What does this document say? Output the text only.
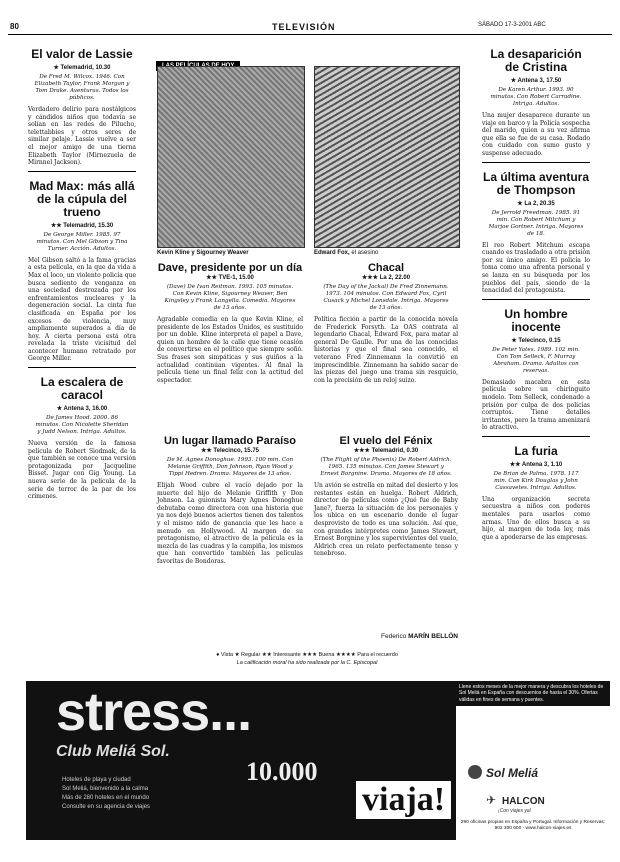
80	TELEVISIÓN	SÁBADO 17-3-2001 ABC
El valor de Lassie
★ Telemadrid, 10.30
De Fred M. Wilcox. 1946. Con Elizabeth Taylor, Frank Morgan y Tom Drake. Aventuras. Todos los públicos.
Verdadero delirio para nostálgicos y cándidos niños que todavía se solían en las redes de Pilucho, telettabbies y otros seres de similar pelaje. Lassie vuelve a ser el mejor amigo de una tierna Elizabeth Taylor (Mirnezuela de Mirnnel Jackson).
Mad Max: más allá de la cúpula del trueno
★★ Telemadrid, 15.30
De George Miller. 1985. 97 minutos. Con Mel Gibson y Tina Turner. Acción. Adultos.
Mel Gibson saltó a la fama gracias a esta película, en la que da vida a Max el loco, un violento policía que busca sediento de venganza en una sociedad destrozada por los enfrentamientos nucleares y la degeneración social. La cinta fue clasificada en España por los excesos de violencia, muy ampliamente superados a día de hoy. A cierta persona está otra revelada la triste vicisitud del acontecer humano retratado por George Miller.
La escalera de caracol
★ Antena 3, 16.00
De James Hood. 2000. 86 minutos. Con Nicolette Sheridan y Judd Nelson. Intriga. Adultos.
Nueva versión de la famosa película de Robert Siodmak, de la que también se conoce una versión protagonizada por Jacqueline Bisset. Jugar con Gig Young. La nueva serie de la película de la serie de terror de la par de los crímenes.
Kevin Kline y Sigourney Weaver
Dave, presidente por un día
★★ TVE-1, 15.00
(Dave) De Ivan Reitman. 1993. 105 minutos. Con Kevin Kline, Sigourney Weaver, Ben Kingsley y Frank Langella. Comedia. Mayores de 13 años.
Agradable comedia en la que Kevin Kline, el presidente de los Estados Unidos, es sustituido por un doble. Kline interpreta el papel a Dave, quien un hombre de la calle que tiene ocasión de convertirse en el político que siempre soñó. Sus frases son simpáticas y sus guiños a la actualidad continúan vigentes. Al final la película tiene un final feliz con la actitud del espectador.
Edward Fox, el asesino
Chacal
★★★ La 2, 22.00
(The Day of the Jackal) De Fred Zinnemann. 1973. 104 minutos. Con Edward Fox, Cyril Cusack y Michel Lonsdale. Intriga. Mayores de 13 años.
Política ficción a partir de la conocida novela de Frederick Forsyth. La OAS contrata al legendario Chacal, Edward Fox, para matar al general De Gaulle. Por una de las conocidas historias y que el final sea conocido, el veterano Fred Zinnemann la convirtió en imprescindible. Zinnemann ha sabido sacar de las piezas del juego una trama sin resquicio, con la precisión de un reloj suizo.
Un lugar llamado Paraíso
★★ Telecinco, 15.75
De M. Agnes Donoghue. 1993. 100 min. Con Melanie Griffith, Don Johnson, Ryan Wood y Tippi Hedren. Drama. Mayores de 13 años.
Elijah Wood cubre el vacío dejado por la muerte del hijo de Melanie Griffith y Don Johnson. La guionista Mary Agnes Donoghue debutaba como directora con una historia que ya nos dejó buenos aciertos tienen dos talentos y el mismo nido de ganancia que les hace a menudo en Hollywood. Al margen de su protagonismo, el atractivo de la película es la mezcla de las cuadras y la campiña, los mismos que han convertido también las películas favoritas de Bondoras.
El vuelo del Fénix
★★★ Telemadrid, 0.30
(The Flight of the Phoenix) De Robert Aldrich. 1965. 135 minutos. Con James Stewart y Ernest Borgnine. Drama. Mayores de 18 años.
Un avión se estrella en mitad del desierto y los restantes están en huelga. Robert Aldrich, director de películas como ¿Qué fue de Baby Jane?, fuerza la situación de los personajes y los ubica en un escenario donde el lugar desprovisto de todo es una solución. Así que, con grandes intérpretes como James Stewart, Ernest Borgnine y los supervivientes del vuelo, Aldrich crea un relato perfectamente tenso y tenebroso.
Federico MARÍN BELLÓN
● Vista ★ Regular ★★ Interesante ★★★ Buena ★★★★ Para el recuerdo
La calificación moral ha sido realizada por la C. Episcopal
La desaparición de Cristina
★ Antena 3, 17.50
De Karen Arthur. 1993. 90 minutos. Con Robert Carradine. Intriga. Adultos.
Una mujer desaparece durante un viaje en barco y la Policía sospecha del marido, quien a su vez afirma que ella se fue de su casa. Rodado con cuidado con sumo gusto y suspense adecuado.
La última aventura de Thompson
★ La 2, 20.35
De Jerrold Freedman. 1985. 91 min. Con Robert Mitchum y Marjoe Gortner. Intriga. Mayores de 18.
El reo Robert Mitchum escapa cuando es trasladado a otra prisión por su único amigo. El policía lo toma como una afrenta personal y se lanza en su búsqueda por los pueblos del país, siendo de la tenacidad del protagonista.
Un hombre inocente
★ Telecinco, 0.15
De Peter Yates. 1989. 102 min. Con Tom Selleck, F. Murray Abraham. Drama. Adultos con reservas.
Demasiado macabra en esta película sobre un chiringuito modelo. Tom Selleck, condenado a prisión por culpa de dos policías corruptos. Tiene detalles irritantes, pero la trama amenizará lo atractivo.
La furia
★★ Antena 3, 1.10
De Brian de Palma. 1978. 117 min. Con Kirk Douglas y John Cassavetes. Intriga. Adultos.
Una organización secreta secuestra a niños con poderes mentales para usarlos como armas. Uno de ellos busca a su hijo, al margen de toda ley, más que a apoderarse de las empresas.
stress...
Club Meliá Sol.
10.000
Hoteles de playa y ciudad
Sol Meliá, bienvenido a la calma
Más de 280 hoteles en el mundo
Consulte en su agencia de viajes	viaja!
Llene estos meses de la mejor manera y descubra los hoteles de Sol Meliá en España con descuentos de hasta el 30%. Ofertas válidas en fines de semana y puentes.
Sol Meliá
✈ HALCON
¡Con viajes ya!
290 oficinas propias en España y Portugal. Información y Reservas: 902 300 600 · www.halcon-viajes.es
